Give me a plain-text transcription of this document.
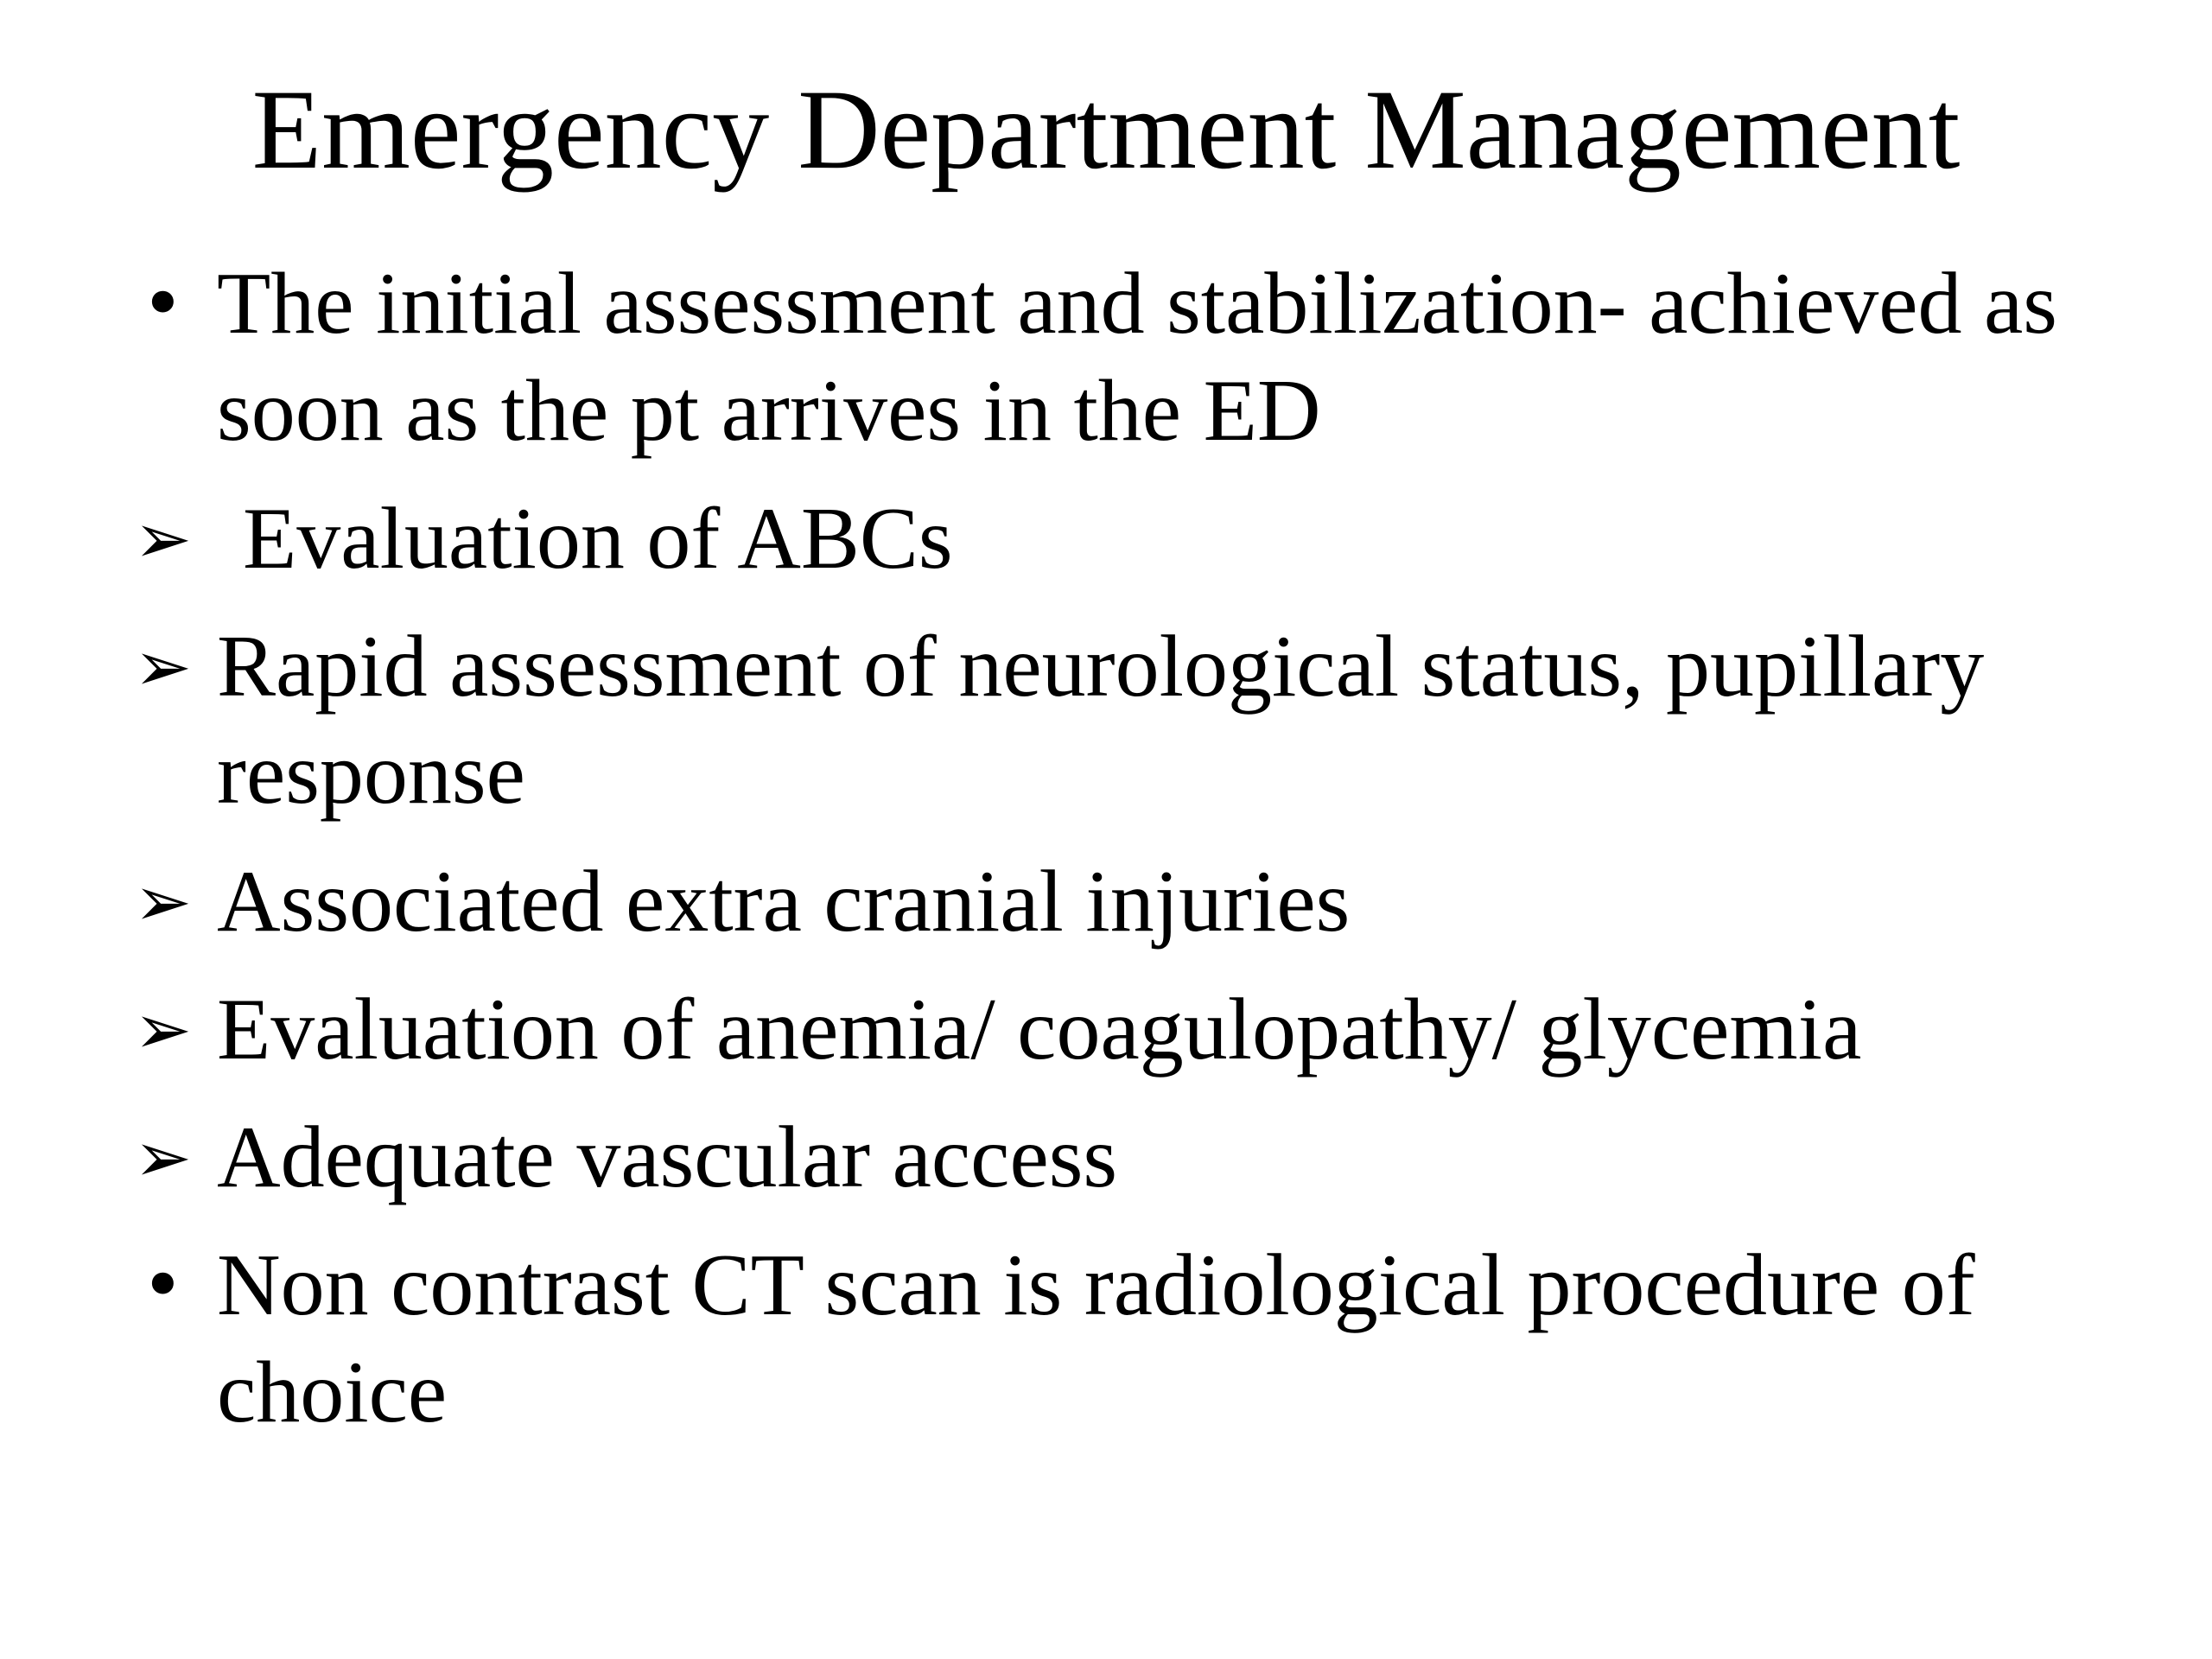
Emergency Department Management
• The initial assessment and stabilization- achieved as soon as the pt arrives in the ED
➢ Evaluation of ABCs
➢ Rapid assessment of neurological status, pupillary response
➢ Associated extra cranial injuries
➢ Evaluation of anemia/ coagulopathy/ glycemia
➢ Adequate vascular access
• Non contrast CT scan is radiological procedure of choice
